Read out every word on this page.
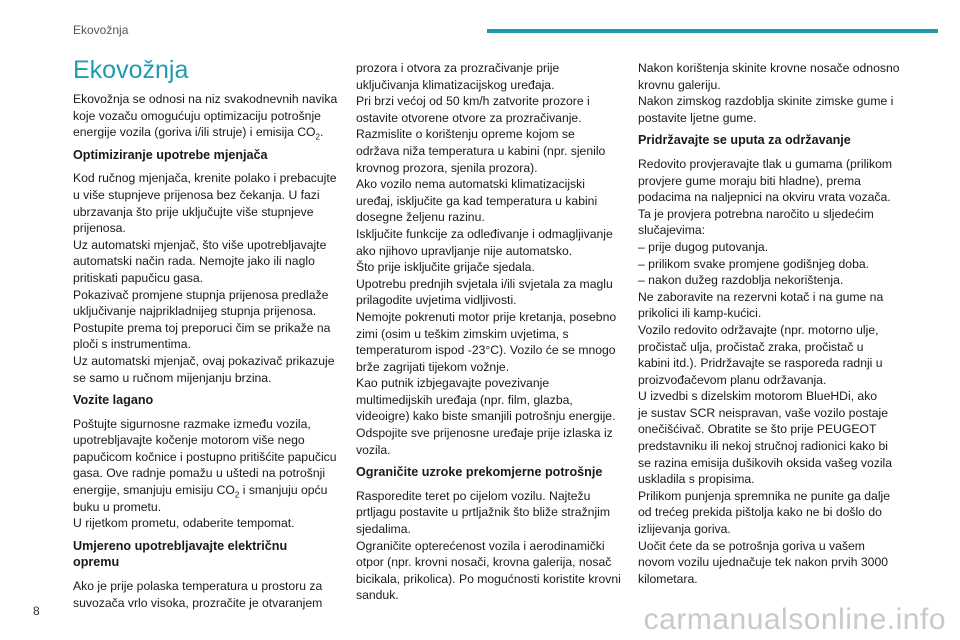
Ekovožnja
Ekovožnja

Ekovožnja se odnosi na niz svakodnevnih navika
koje vozaču omogućuju optimizaciju potrošnje
energije vozila (goriva i/ili struje) i emisija $CO_2$.

Optimiziranje upotrebe mjenjača

Kod ručnog mjenjača, krenite polako i prebacujte
u više stupnjeve prijenosa bez čekanja. U fazi
ubrzavanja što prije uključujte više stupnjeve
prijenosa.
Uz automatski mjenjač, što više upotrebljavajte
automatski način rada. Nemojte jako ili naglo
pritiskati papučicu gasa.
Pokazivač promjene stupnja prijenosa predlaže
uključivanje najprikladnijeg stupnja prijenosa.
Postupite prema toj preporuci čim se prikaže na
ploči s instrumentima.
Uz automatski mjenjač, ovaj pokazivač prikazuje
se samo u ručnom mijenjanju brzina.

Vozite lagano

Poštujte sigurnosne razmake između vozila,
upotrebljavajte kočenje motorom više nego
papučicom kočnice i postupno pritišćite papučicu
gasa. Ove radnje pomažu u uštedi na potrošnji
energije, smanjuju emisiju $CO_2$ i smanjuju opću
buku u prometu.
U rijetkom prometu, odaberite tempomat.

Umjereno upotrebljavajte električnu
opremu

Ako je prije polaska temperatura u prostoru za
suvozača vrlo visoka, prozračite je otvaranjem

prozora i otvora za prozračivanje prije
uključivanja klimatizacijskog uređaja.
Pri brzi većoj od 50 km/h zatvorite prozore i
ostavite otvorene otvore za prozračivanje.
Razmislite o korištenju opreme kojom se
održava niža temperatura u kabini (npr. sjenilo
krovnog prozora, sjenila prozora).
Ako vozilo nema automatski klimatizacijski
uređaj, isključite ga kad temperatura u kabini
dosegne željenu razinu.
Isključite funkcije za odleđivanje i odmagljivanje
ako njihovo upravljanje nije automatsko.
Što prije isključite grijače sjedala.
Upotrebu prednjih svjetala i/ili svjetala za maglu
prilagodite uvjetima vidljivosti.
Nemojte pokrenuti motor prije kretanja, posebno
zimi (osim u teškim zimskim uvjetima, s
temperaturom ispod -23°C). Vozilo će se mnogo
brže zagrijati tijekom vožnje.
Kao putnik izbjegavajte povezivanje
multimedijskih uređaja (npr. film, glazba,
videoigre) kako biste smanjili potrošnju energije.
Odspojite sve prijenosne uređaje prije izlaska iz
vozila.

Ograničite uzroke prekomjerne potrošnje

Rasporedite teret po cijelom vozilu. Najtežu
prtljagu postavite u prtljažnik što bliže stražnjim
sjedalima.
Ograničite opterećenost vozila i aerodinamički
otpor (npr. krovni nosači, krovna galerija, nosač
bicikala, prikolica). Po mogućnosti koristite krovni
sanduk.

Nakon korištenja skinite krovne nosače odnosno
krovnu galeriju.
Nakon zimskog razdoblja skinite zimske gume i
postavite ljetne gume.

Pridržavajte se uputa za održavanje

Redovito provjeravajte tlak u gumama (prilikom
provjere gume moraju biti hladne), prema
podacima na naljepnici na okviru vrata vozača.
Ta je provjera potrebna naročito u sljedećim
slučajevima:
– prije dugog putovanja.
– prilikom svake promjene godišnjeg doba.
– nakon dužeg razdoblja nekorištenja.
Ne zaboravite na rezervni kotač i na gume na
prikolici ili kamp-kućici.
Vozilo redovito održavajte (npr. motorno ulje,
pročistač ulja, pročistač zraka, pročistač u
kabini itd.). Pridržavajte se rasporeda radnji u
proizvođačevom planu održavanja.
U izvedbi s dizelskim motorom BlueHDi, ako
je sustav SCR neispravan, vaše vozilo postaje
onečišćivač. Obratite se što prije PEUGEOT
predstavniku ili nekoj stručnoj radionici kako bi
se razina emisija dušikovih oksida vašeg vozila
uskladila s propisima.
Prilikom punjenja spremnika ne punite ga dalje
od trećeg prekida pištolja kako ne bi došlo do
izlijevanja goriva.
Uočit ćete da se potrošnja goriva u vašem
novom vozilu ujednačuje tek nakon prvih 3000
kilometara.

8	carmanualsonline.info
